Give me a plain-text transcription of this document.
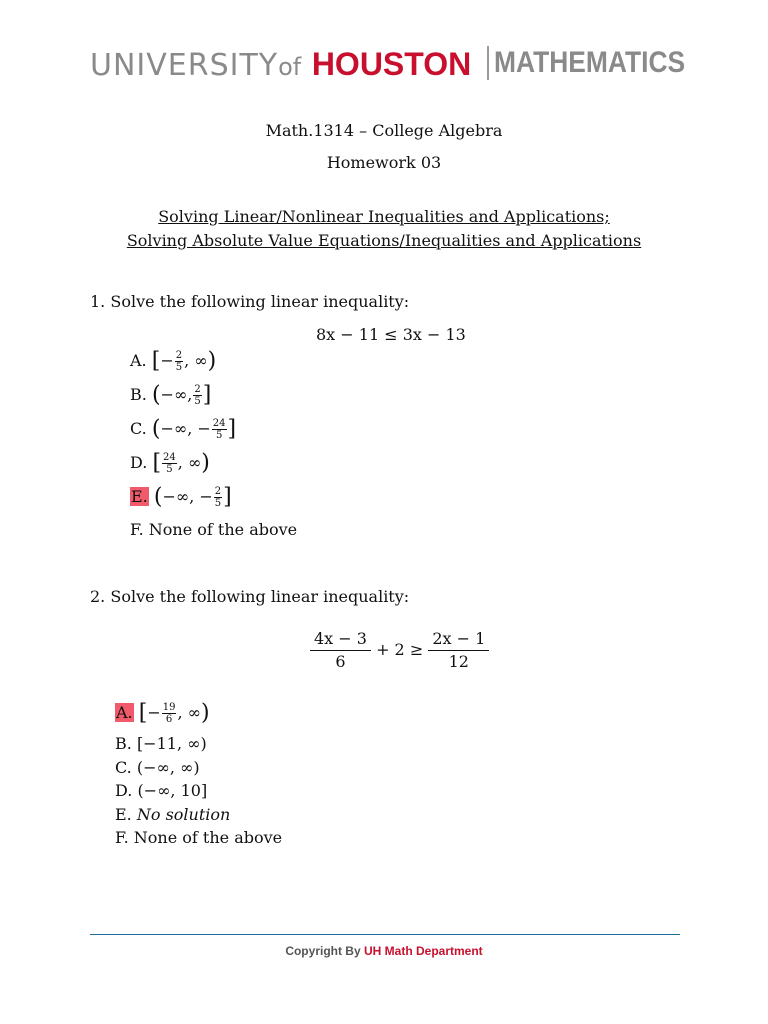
UNIVERSITYof HOUSTON MATHEMATICS
Math.1314 – College Algebra
Homework 03
Solving Linear/Nonlinear Inequalities and Applications;
Solving Absolute Value Equations/Inequalities and Applications
1. Solve the following linear inequality:
8x − 11 ≤ 3x − 13
A. [− $\frac{2}{5}$ , ∞)
B. (−∞, $\frac{2}{5}$ ]
C. (−∞, − $\frac{24}{5}$ ]
D. [ $\frac{24}{5}$ , ∞)
E. (−∞, − $\frac{2}{5}$ ]
F. None of the above
2. Solve the following linear inequality:
$\frac{4x - 3}{6} + 2 \ge \frac{2x - 1}{12}$
A. [− $\frac{19}{6}$ , ∞)
B. [−11, ∞)
C. (−∞, ∞)
D. (−∞, 10]
E. No solution
F. None of the above
Copyright By UH Math Department
